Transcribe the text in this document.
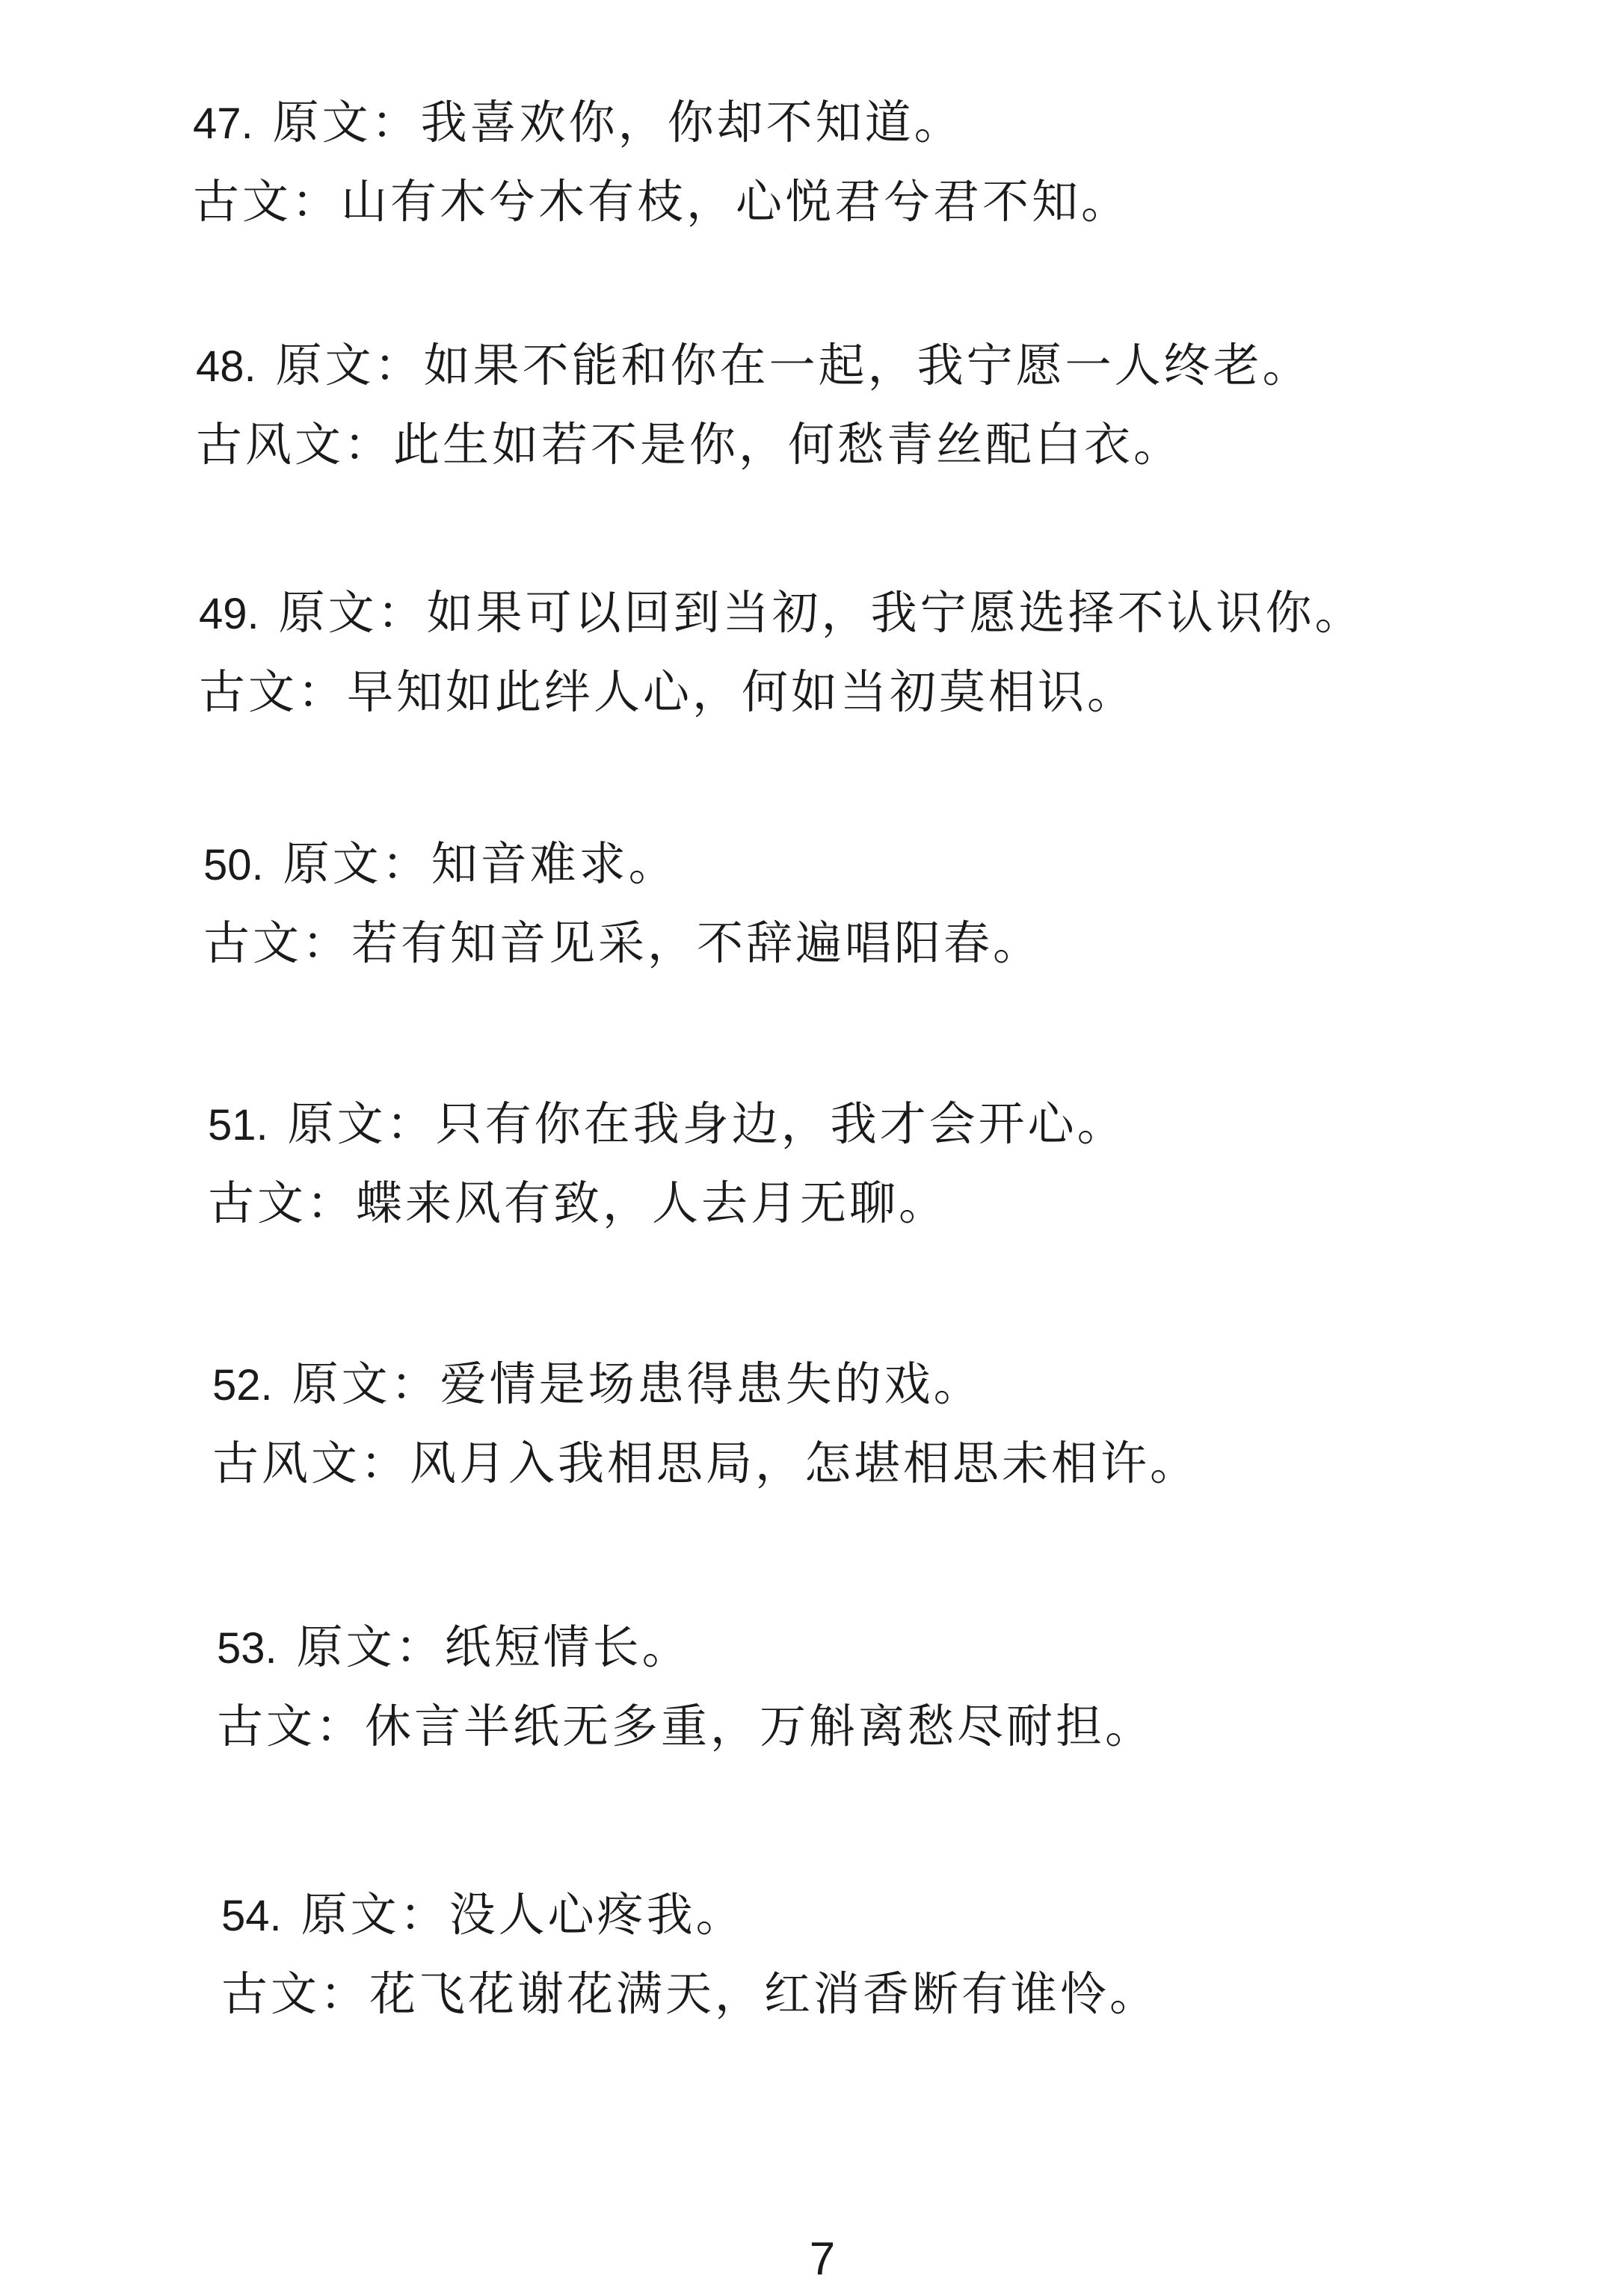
47. 原文：我喜欢你，你却不知道。
古文：山有木兮木有枝，心悦君兮君不知。
48. 原文：如果不能和你在一起，我宁愿一人终老。
古风文：此生如若不是你，何愁青丝配白衣。
49. 原文：如果可以回到当初，我宁愿选择不认识你。
古文：早知如此绊人心，何如当初莫相识。
50. 原文：知音难求。
古文：若有知音见采，不辞遍唱阳春。
51. 原文：只有你在我身边，我才会开心。
古文：蝶来风有致，人去月无聊。
52. 原文：爱情是场患得患失的戏。
古风文：风月入我相思局，怎堪相思未相许。
53. 原文：纸短情长。
古文：休言半纸无多重，万斛离愁尽耐担。
54. 原文：没人心疼我。
古文：花飞花谢花满天，红消香断有谁怜。
7
